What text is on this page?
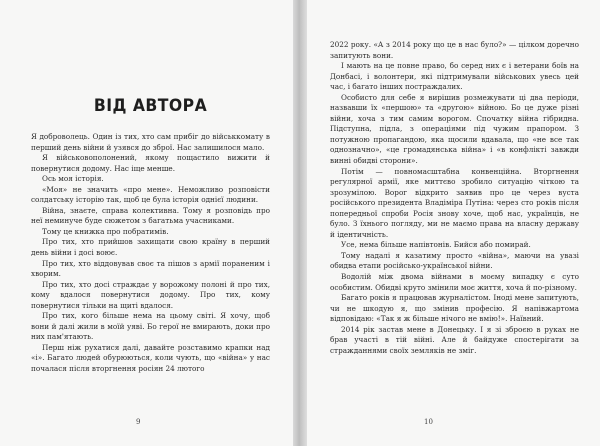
ВІД АВТОРА

Я доброволець. Один із тих, хто сам прибіг до військкомату в перший день війни й узявся до зброї. Нас залишилося мало.

Я військовополонений, якому пощастило вижити й повернутися додому. Нас іще менше.

Ось моя історія.

«Моя» не значить «про мене». Неможливо розповісти солдатську історію так, щоб це була історія однієї людини.

Війна, знаєте, справа колективна. Тому я розповідь про неї неминуче буде сюжетом з багатьма учасниками.

Тому це книжка про побратимів.

Про тих, хто прийшов захищати свою країну в перший день війни і досі воює.

Про тих, хто віддовував своє та пішов з армії пораненим і хворим.

Про тих, хто досі страждає у ворожому полоні й про тих, кому вдалося повернутися додому. Про тих, кому повернутися тільки на щиті вдалося.

Про тих, кого більше нема на цьому світі. Я хочу, щоб вони й далі жили в моїй уяві. Бо герої не вмирають, доки про них пам'ятають.

Перш ніж рухатися далі, давайте розставимо крапки над «і». Багато людей обурюються, коли чують, що «війна» у нас почалася після вторгнення росіян 24 лютого

9

2022 року. «А з 2014 року що це в нас було?» — цілком доречно запитують вони.

І мають на це повне право, бо серед них є і ветерани боїв на Донбасі, і волонтери, які підтримували військових увесь цей час, і багато інших постраждалих.

Особисто для себе я вирішив розмежувати ці два періоди, назвавши їх «першою» та «другою» війною. Бо це дуже різні війни, хоча з тим самим ворогом. Спочатку війна гібридна. Підступна, підла, з операціями під чужим прапором. З потужною пропагандою, яка щосили вдавала, що «не все так однозначно», «це громадянська війна» і «в конфлікті завжди винні обидві сторони».

Потім — повномасштабна конвенційна. Вторгнення регулярної армії, яке миттєво зробило ситуацію чіткою та зрозумілою. Ворог відкрито заявив про це через вуста російського президента Владіміра Путіна: через сто років після попередньої спроби Росія знову хоче, щоб нас, українців, не було. З їхнього погляду, ми не маємо права на власну державу й ідентичність.

Усе, нема більше напівтонів. Бийся або помирай.

Тому надалі я казатиму просто «війна», маючи на увазі обидва етапи російсько-української війни.

Водолій між двома війнами в моєму випадку є суто особистим. Обидві круто змінили моє життя, хоча й по-різному.

Багато років я працював журналістом. Іноді мене запитують, чи не шкодую я, що змінив професію. Я напівжартома відповідаю: «Так я ж більше нічого не вмію!». Наївний.

2014 рік застав мене в Донецьку. І я зі зброєю в руках не брав участі в тій війні. Але й байдуже спостерігати за стражданнями своїх земляків не зміг.

10
